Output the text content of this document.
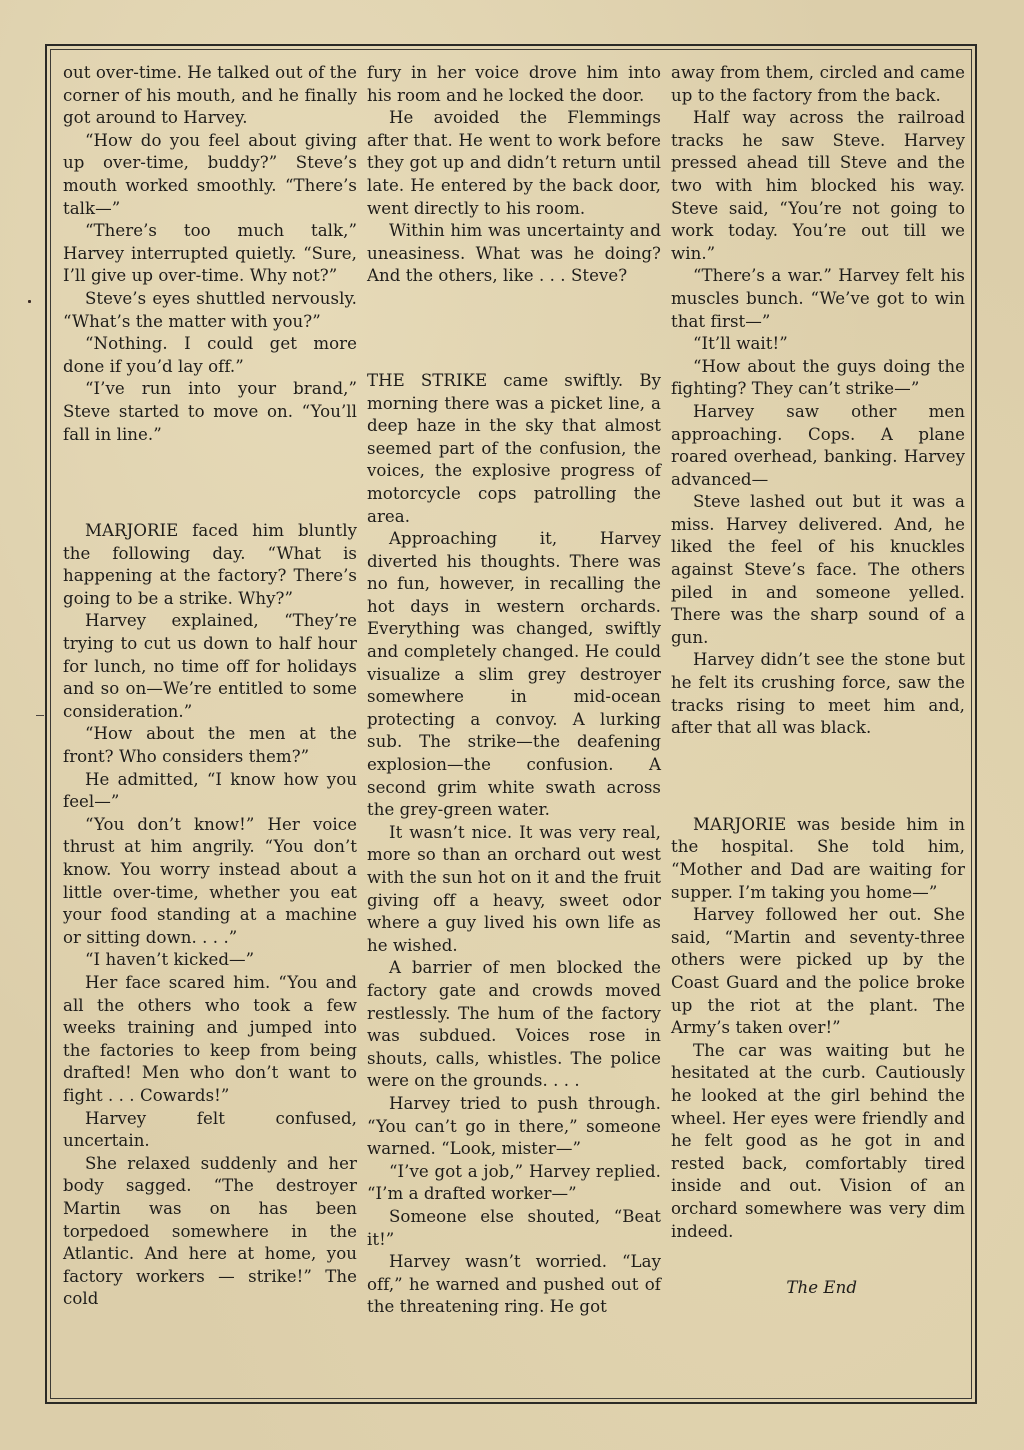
out over-time. He talked out of the corner of his mouth, and he finally got around to Harvey.

“How do you feel about giving up over-time, buddy?” Steve’s mouth worked smoothly. “There’s talk—”

“There’s too much talk,” Harvey interrupted quietly. “Sure, I’ll give up over-time. Why not?”

Steve’s eyes shuttled nervously. “What’s the matter with you?”

“Nothing. I could get more done if you’d lay off.”

“I’ve run into your brand,” Steve started to move on. “You’ll fall in line.”

MARJORIE faced him bluntly the following day. “What is happening at the factory? There’s going to be a strike. Why?”

Harvey explained, “They’re trying to cut us down to half hour for lunch, no time off for holidays and so on—We’re entitled to some consideration.”

“How about the men at the front? Who considers them?”

He admitted, “I know how you feel—”

“You don’t know!” Her voice thrust at him angrily. “You don’t know. You worry instead about a little over-time, whether you eat your food standing at a machine or sitting down. . . .”

“I haven’t kicked—”

Her face scared him. “You and all the others who took a few weeks training and jumped into the factories to keep from being drafted! Men who don’t want to fight . . . Cowards!”

Harvey felt confused, uncertain.

She relaxed suddenly and her body sagged. “The destroyer Martin was on has been torpedoed somewhere in the Atlantic. And here at home, you factory workers — strike!” The cold

fury in her voice drove him into his room and he locked the door.

He avoided the Flemmings after that. He went to work before they got up and didn’t return until late. He entered by the back door, went directly to his room.

Within him was uncertainty and uneasiness. What was he doing? And the others, like . . . Steve?

THE STRIKE came swiftly. By morning there was a picket line, a deep haze in the sky that almost seemed part of the confusion, the voices, the explosive progress of motorcycle cops patrolling the area.

Approaching it, Harvey diverted his thoughts. There was no fun, however, in recalling the hot days in western orchards. Everything was changed, swiftly and completely changed. He could visualize a slim grey destroyer somewhere in mid-ocean protecting a convoy. A lurking sub. The strike—the deafening explosion—the confusion. A second grim white swath across the grey-green water.

It wasn’t nice. It was very real, more so than an orchard out west with the sun hot on it and the fruit giving off a heavy, sweet odor where a guy lived his own life as he wished.

A barrier of men blocked the factory gate and crowds moved restlessly. The hum of the factory was subdued. Voices rose in shouts, calls, whistles. The police were on the grounds. . . .

Harvey tried to push through. “You can’t go in there,” someone warned. “Look, mister—”

“I’ve got a job,” Harvey replied. “I’m a drafted worker—”

Someone else shouted, “Beat it!”

Harvey wasn’t worried. “Lay off,” he warned and pushed out of the threatening ring. He got

away from them, circled and came up to the factory from the back.

Half way across the railroad tracks he saw Steve. Harvey pressed ahead till Steve and the two with him blocked his way. Steve said, “You’re not going to work today. You’re out till we win.”

“There’s a war.” Harvey felt his muscles bunch. “We’ve got to win that first—”

“It’ll wait!”

“How about the guys doing the fighting? They can’t strike—”

Harvey saw other men approaching. Cops. A plane roared overhead, banking. Harvey advanced—

Steve lashed out but it was a miss. Harvey delivered. And, he liked the feel of his knuckles against Steve’s face. The others piled in and someone yelled. There was the sharp sound of a gun.

Harvey didn’t see the stone but he felt its crushing force, saw the tracks rising to meet him and, after that all was black.

MARJORIE was beside him in the hospital. She told him, “Mother and Dad are waiting for supper. I’m taking you home—”

Harvey followed her out. She said, “Martin and seventy-three others were picked up by the Coast Guard and the police broke up the riot at the plant. The Army’s taken over!”

The car was waiting but he hesitated at the curb. Cautiously he looked at the girl behind the wheel. Her eyes were friendly and he felt good as he got in and rested back, comfortably tired inside and out. Vision of an orchard somewhere was very dim indeed.

The End
